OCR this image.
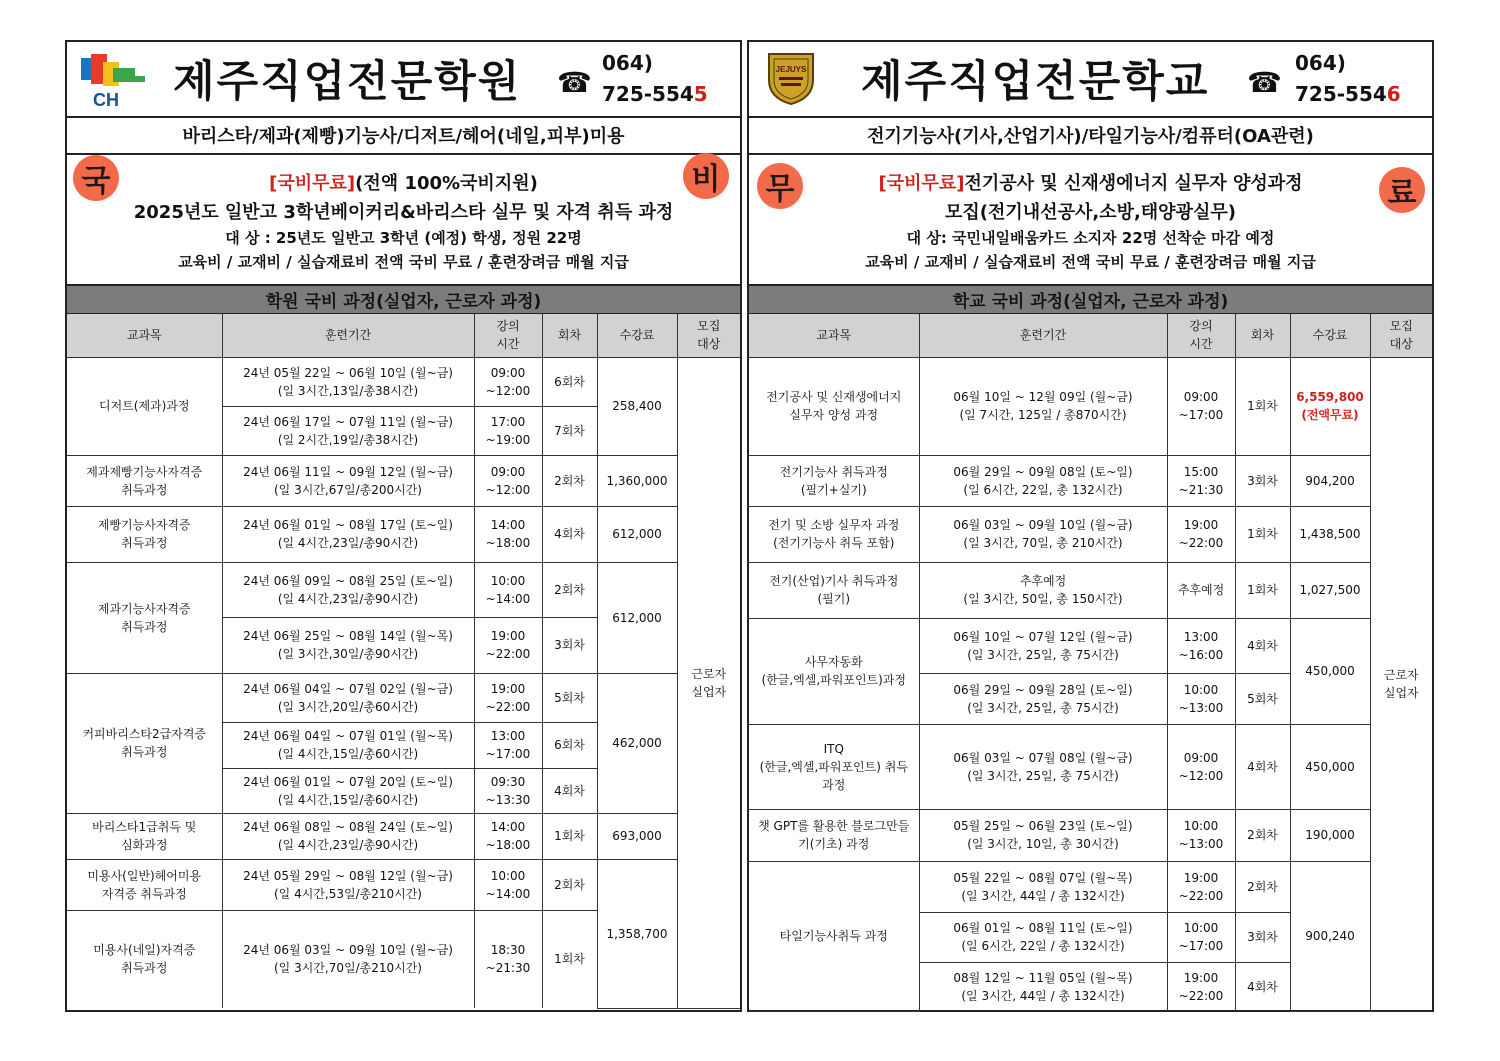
CH 제주직업전문학원 ☎
064)
725-5545
바리스타/제과(제빵)기능사/디저트/헤어(네일,피부)미용
국	비
[국비무료](전액 100%국비지원)
2025년도 일반고 3학년베이커리&바리스타 실무 및 자격 취득 과정
대 상 : 25년도 일반고 3학년 (예정) 학생, 정원 22명
교육비 / 교재비 / 실습재료비 전액 국비 무료 / 훈련장려금 매월 지급
학원 국비 과정(실업자, 근로자 과정)
교과목	훈련기간	강의
시간	회차	수강료	모집
대상
디저트(제과)과정	24년 05월 22일 ~ 06월 10일 (월~금)
(일 3시간,13일/총38시간)	09:00
~12:00	6회차	258,400	근로자
실업자
	24년 06월 17일 ~ 07월 11일 (월~금)
(일 2시간,19일/총38시간)	17:00
~19:00	7회차		
제과제빵기능사자격증
취득과정	24년 06월 11일 ~ 09월 12일 (월~금)
(일 3시간,67일/총200시간)	09:00
~12:00	2회차	1,360,000	
제빵기능사자격증
취득과정	24년 06월 01일 ~ 08월 17일 (토~일)
(일 4시간,23일/총90시간)	14:00
~18:00	4회차	612,000	
제과기능사자격증
취득과정	24년 06월 09일 ~ 08월 25일 (토~일)
(일 4시간,23일/총90시간)	10:00
~14:00	2회차	612,000	
	24년 06월 25일 ~ 08월 14일 (월~목)
(일 3시간,30일/총90시간)	19:00
~22:00	3회차		
커피바리스타2급자격증
취득과정	24년 06월 04일 ~ 07월 02일 (월~금)
(일 3시간,20일/총60시간)	19:00
~22:00	5회차	462,000	
	24년 06월 04일 ~ 07월 01일 (월~목)
(일 4시간,15일/총60시간)	13:00
~17:00	6회차		
	24년 06월 01일 ~ 07월 20일 (토~일)
(일 4시간,15일/총60시간)	09:30
~13:30	4회차		
바리스타1급취득 및
심화과정	24년 06월 08일 ~ 08월 24일 (토~일)
(일 4시간,23일/총90시간)	14:00
~18:00	1회차	693,000	
미용사(일반)헤어미용
자격증 취득과정	24년 05월 29일 ~ 08월 12일 (월~금)
(일 4시간,53일/총210시간)	10:00
~14:00	2회차	1,358,700	
미용사(네일)자격증
취득과정	24년 06월 03일 ~ 09월 10일 (월~금)
(일 3시간,70일/총210시간)	18:30
~21:30	1회차		
JEJUYS 제주직업전문학교 ☎
064)
725-5546
전기기능사(기사,산업기사)/타일기능사/컴퓨터(OA관련)
무	료
[국비무료]전기공사 및 신재생에너지 실무자 양성과정
모집(전기내선공사,소방,태양광실무)
대 상: 국민내일배움카드 소지자 22명 선착순 마감 예정
교육비 / 교재비 / 실습재료비 전액 국비 무료 / 훈련장려금 매월 지급
학교 국비 과정(실업자, 근로자 과정)
교과목	훈련기간	강의
시간	회차	수강료	모집
대상
전기공사 및 신재생에너지
실무자 양성 과정	06월 10일 ~ 12월 09일 (월~금)
(일 7시간, 125일 / 총870시간)	09:00
~17:00	1회차	6,559,800
(전액무료)	근로자
실업자
전기기능사 취득과정
(필기+실기)	06월 29일 ~ 09월 08일 (토~일)
(일 6시간, 22일, 총 132시간)	15:00
~21:30	3회차	904,200	
전기 및 소방 실무자 과정
(전기기능사 취득 포함)	06월 03일 ~ 09월 10일 (월~금)
(일 3시간, 70일, 총 210시간)	19:00
~22:00	1회차	1,438,500	
전기(산업)기사 취득과정
(필기)	추후예정
(일 3시간, 50일, 총 150시간)	추후예정	1회차	1,027,500	
사무자동화
(한글,엑셀,파워포인트)과정	06월 10일 ~ 07월 12일 (월~금)
(일 3시간, 25일, 총 75시간)	13:00
~16:00	4회차	450,000	
	06월 29일 ~ 09월 28일 (토~일)
(일 3시간, 25일, 총 75시간)	10:00
~13:00	5회차		
ITQ
(한글,엑셀,파워포인트) 취득
과정	06월 03일 ~ 07월 08일 (월~금)
(일 3시간, 25일, 총 75시간)	09:00
~12:00	4회차	450,000	
챗 GPT를 활용한 블로그만들
기(기초) 과정	05월 25일 ~ 06월 23일 (토~일)
(일 3시간, 10일, 총 30시간)	10:00
~13:00	2회차	190,000	
타일기능사취득 과정	05월 22일 ~ 08월 07일 (월~목)
(일 3시간, 44일 / 총 132시간)	19:00
~22:00	2회차	900,240	
	06월 01일 ~ 08월 11일 (토~일)
(일 6시간, 22일 / 총 132시간)	10:00
~17:00	3회차		
	08월 12일 ~ 11월 05일 (월~목)
(일 3시간, 44일 / 총 132시간)	19:00
~22:00	4회차		
